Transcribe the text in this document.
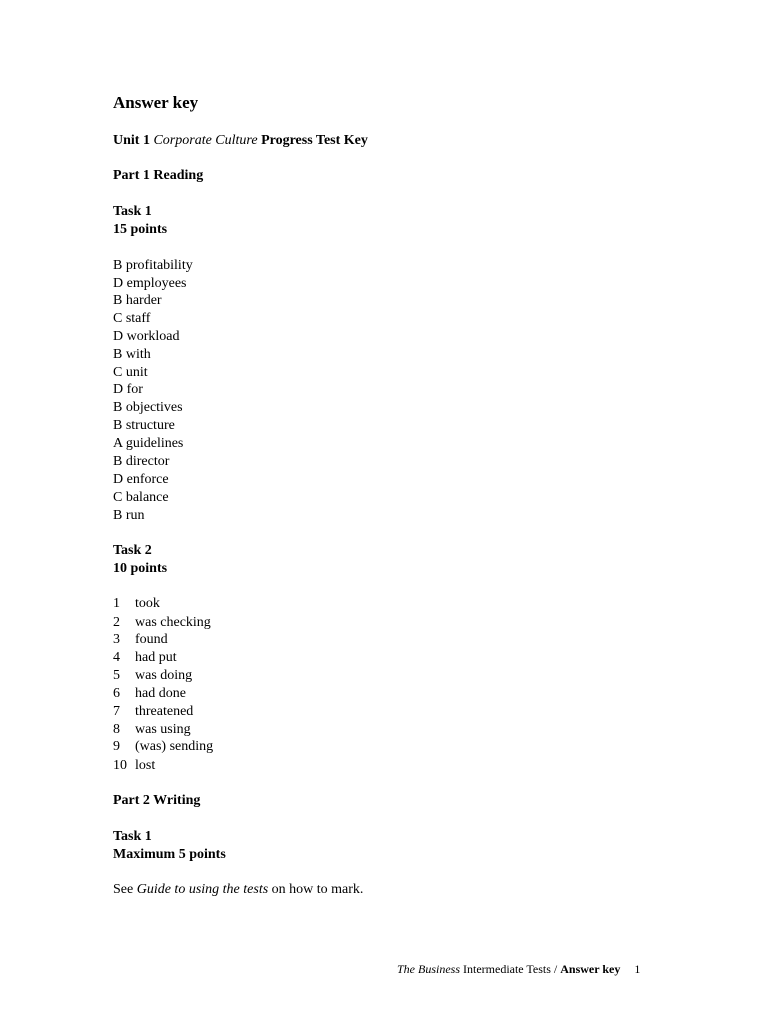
Answer key
Unit 1 Corporate Culture Progress Test Key
Part 1 Reading
Task 1
15 points
B profitability
D employees
B harder
C staff
D workload
B with
C unit
D for
B objectives
B structure
A guidelines
B director
D enforce
C balance
B run
Task 2
10 points
1 took
2 was checking
3 found
4 had put
5 was doing
6 had done
7 threatened
8 was using
9 (was) sending
10 lost
Part 2 Writing
Task 1
Maximum 5 points
See Guide to using the tests on how to mark.
The Business Intermediate Tests / Answer key 1
